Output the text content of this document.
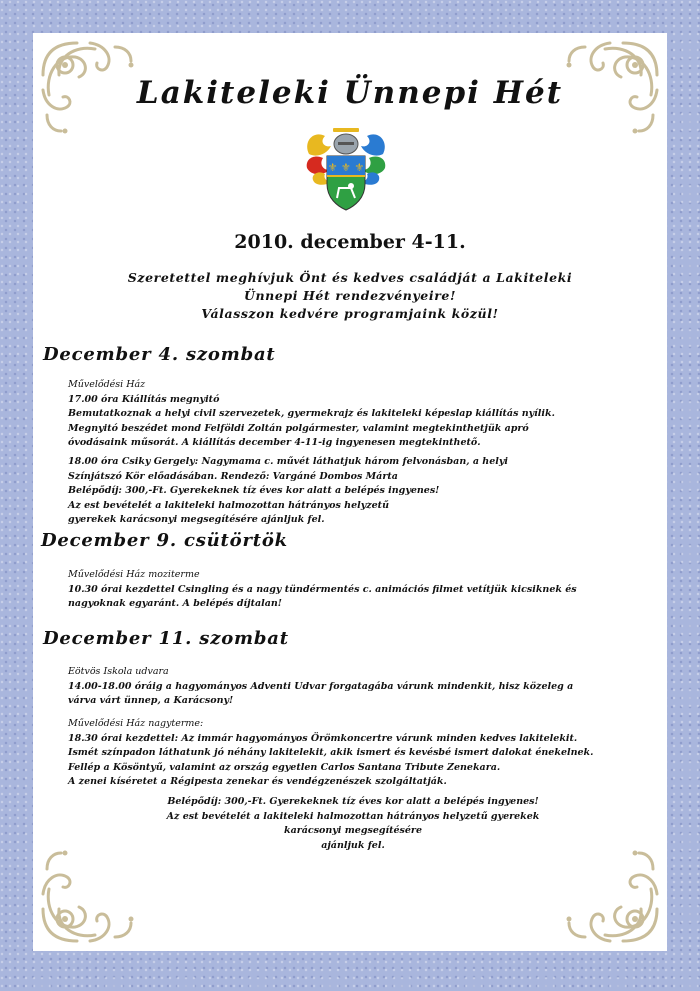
Lakiteleki Ünnepi Hét
⚜ ⚜ ⚜
2010. december 4-11.
Szeretettel meghívjuk Önt és kedves családját a Lakiteleki
Ünnepi Hét rendezvényeire!
Válasszon kedvére programjaink közül!
December 4. szombat
Művelődési Ház
17.00 óra Kiállítás megnyitó
Bemutatkoznak a helyi civil szervezetek, gyermekrajz és lakiteleki képeslap kiállítás nyílik.
Megnyitó beszédet mond Felföldi Zoltán polgármester, valamint megtekinthetjük apró
óvodásaink műsorát. A kiállítás december 4-11-ig ingyenesen megtekinthető.
18.00 óra Csiky Gergely: Nagymama c. művét láthatjuk három felvonásban, a helyi
Színjátszó Kör előadásában. Rendező: Vargáné Dombos Márta
Belépődíj: 300,-Ft. Gyerekeknek tíz éves kor alatt a belépés ingyenes!
Az est bevételét a lakiteleki halmozottan hátrányos helyzetű
gyerekek karácsonyi megsegítésére ajánljuk fel.
December 9. csütörtök
Művelődési Ház mozitermе
10.30 órai kezdettel Csingling és a nagy tündérmentés c. animációs filmet vetítjük kicsiknek és
nagyoknak egyaránt. A belépés díjtalan!
December 11. szombat
Eötvös Iskola udvara
14.00-18.00 óráig a hagyományos Adventi Udvar forgatagába várunk mindenkit, hisz közeleg a
várva várt ünnep, a Karácsony!
Művelődési Ház nagyterme:
18.30 órai kezdettel: Az immár hagyományos Örömkoncertre várunk minden kedves lakitelekit.
Ismét színpadon láthatunk jó néhány lakitelekit, akik ismert és kevésbé ismert dalokat énekelnek.
Fellép a Kösöntyű, valamint az ország egyetlen Carlos Santana Tribute Zenekara.
A zenei kíséretet a Régipesta zenekar és vendégzenészek szolgáltatják.
Belépődíj: 300,-Ft. Gyerekeknek tíz éves kor alatt a belépés ingyenes!
Az est bevételét a lakiteleki halmozottan hátrányos helyzetű gyerekek
karácsonyi megsegítésére
ajánljuk fel.
